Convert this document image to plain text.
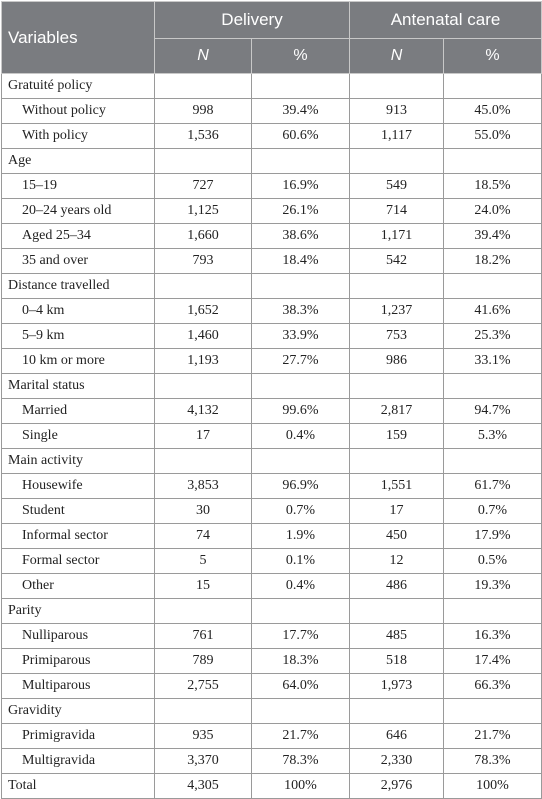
Variables	Delivery		Antenatal care	
	N	%	N	%
Gratuité policy				
Without policy	998	39.4%	913	45.0%
With policy	1,536	60.6%	1,117	55.0%
Age				
15–19	727	16.9%	549	18.5%
20–24 years old	1,125	26.1%	714	24.0%
Aged 25–34	1,660	38.6%	1,171	39.4%
35 and over	793	18.4%	542	18.2%
Distance travelled				
0–4 km	1,652	38.3%	1,237	41.6%
5–9 km	1,460	33.9%	753	25.3%
10 km or more	1,193	27.7%	986	33.1%
Marital status				
Married	4,132	99.6%	2,817	94.7%
Single	17	0.4%	159	5.3%
Main activity				
Housewife	3,853	96.9%	1,551	61.7%
Student	30	0.7%	17	0.7%
Informal sector	74	1.9%	450	17.9%
Formal sector	5	0.1%	12	0.5%
Other	15	0.4%	486	19.3%
Parity				
Nulliparous	761	17.7%	485	16.3%
Primiparous	789	18.3%	518	17.4%
Multiparous	2,755	64.0%	1,973	66.3%
Gravidity				
Primigravida	935	21.7%	646	21.7%
Multigravida	3,370	78.3%	2,330	78.3%
Total	4,305	100%	2,976	100%
